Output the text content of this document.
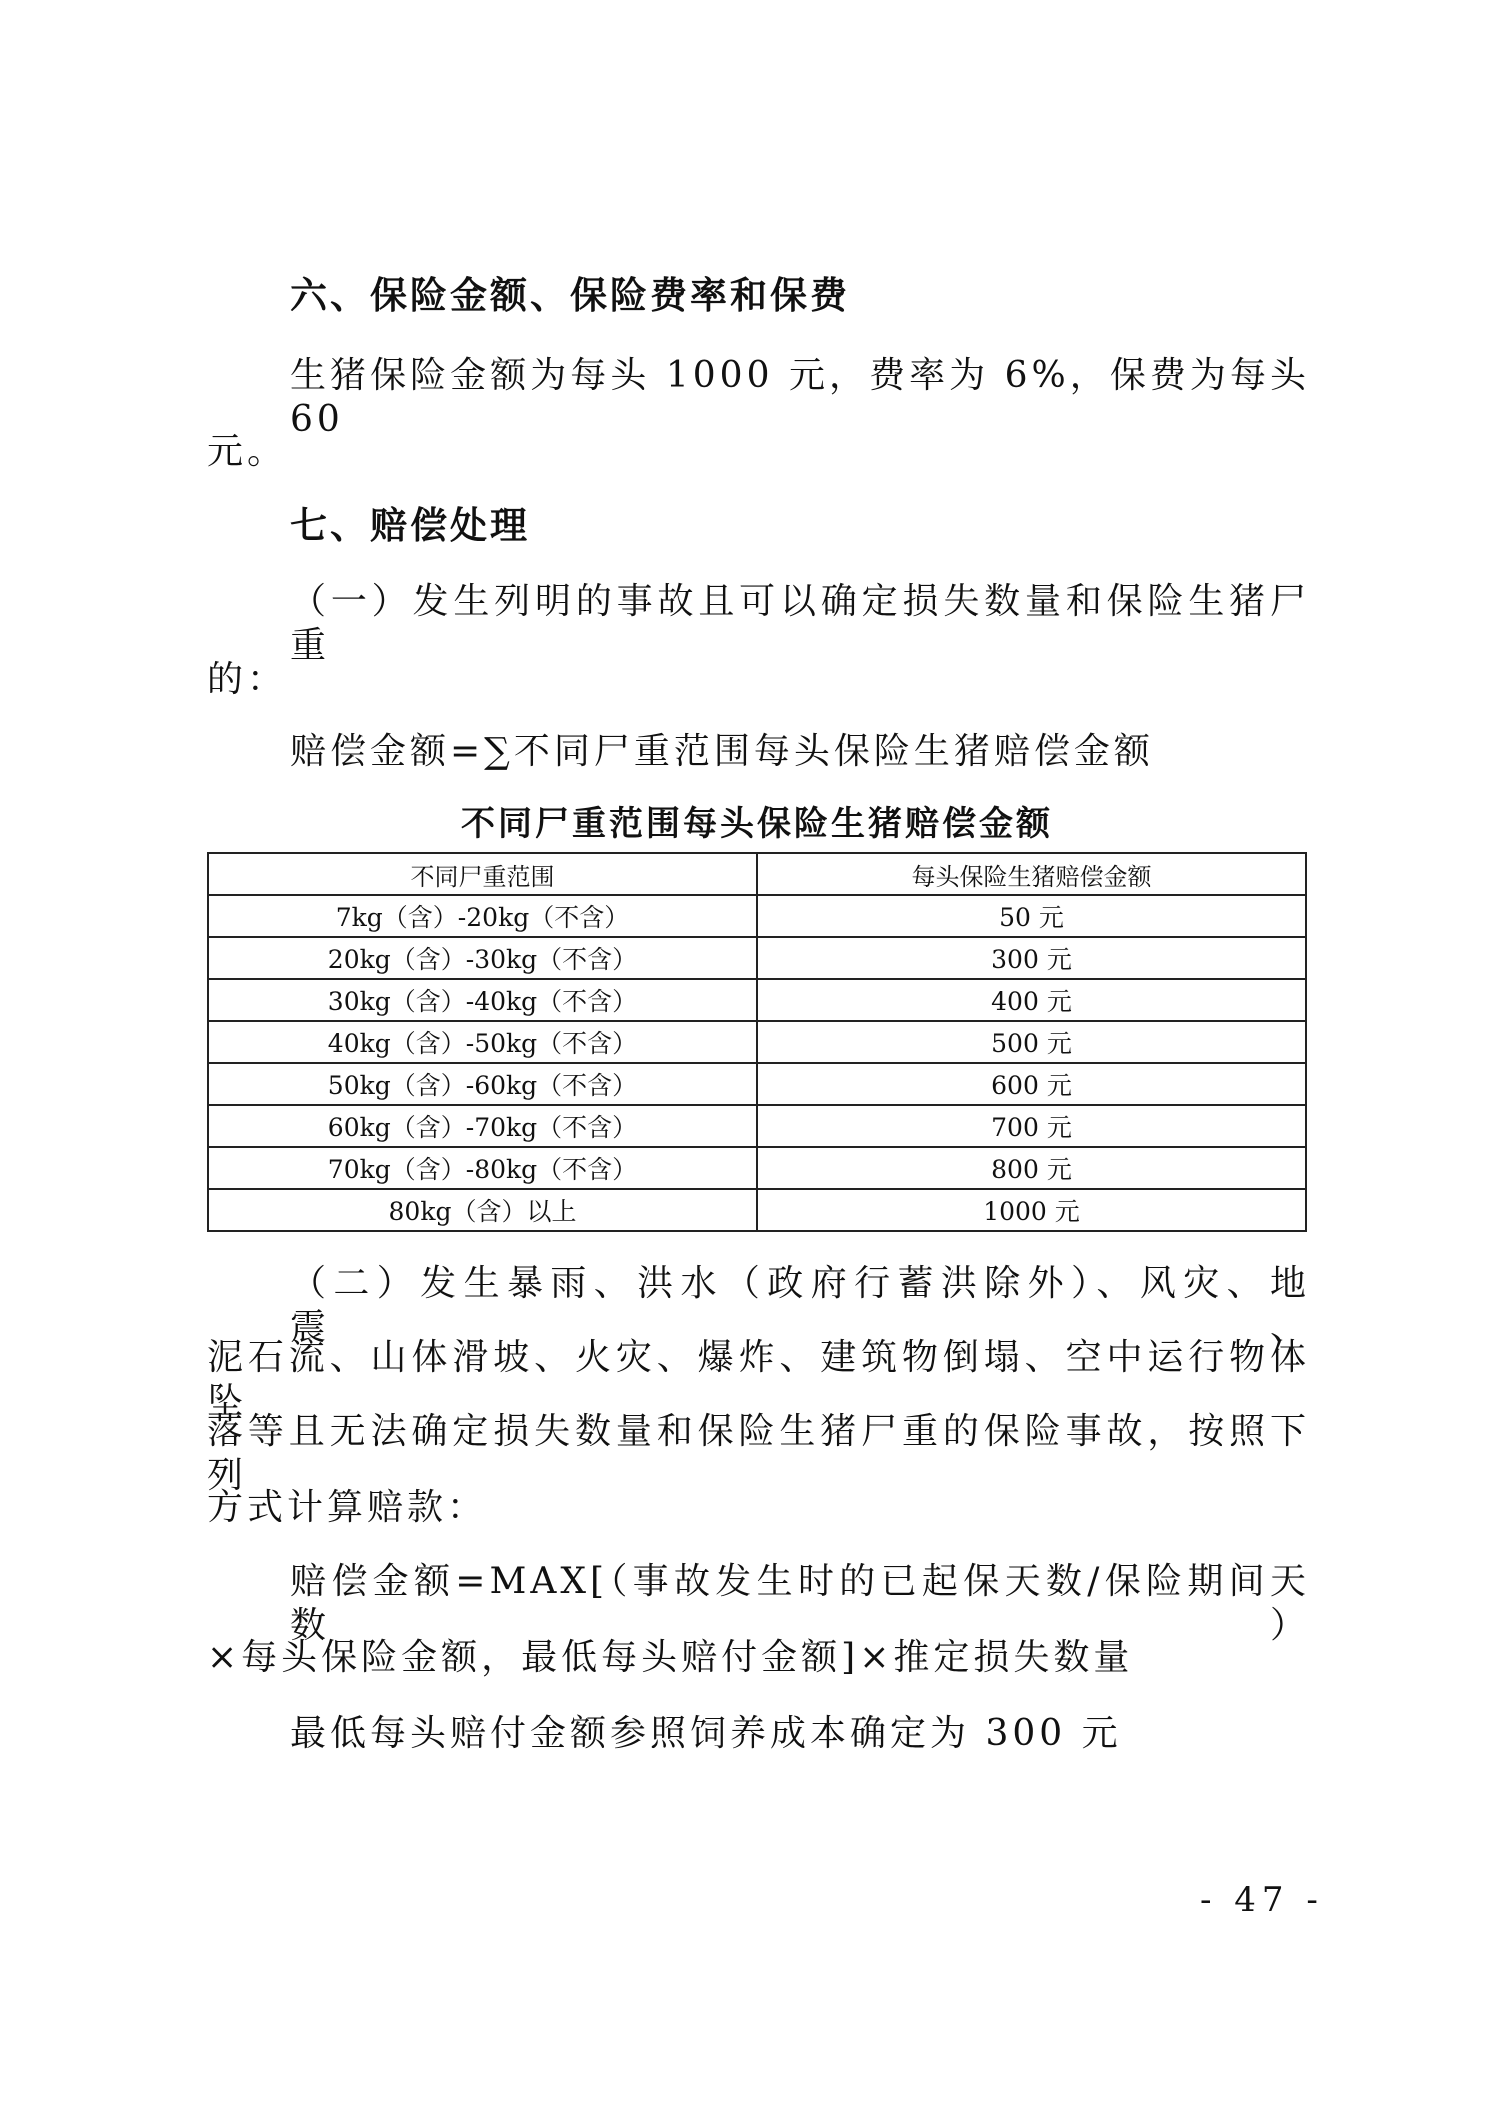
六、保险金额、保险费率和保费
生猪保险金额为每头 1000 元，费率为 6%，保费为每头 60
元。
七、赔偿处理
（一）发生列明的事故且可以确定损失数量和保险生猪尸重
的：
赔偿金额=∑不同尸重范围每头保险生猪赔偿金额
不同尸重范围每头保险生猪赔偿金额
不同尸重范围	每头保险生猪赔偿金额
7kg（含）-20kg（不含）	50 元
20kg（含）-30kg（不含）	300 元
30kg（含）-40kg（不含）	400 元
40kg（含）-50kg（不含）	500 元
50kg（含）-60kg（不含）	600 元
60kg（含）-70kg（不含）	700 元
70kg（含）-80kg（不含）	800 元
80kg（含）以上	1000 元
（二）发生暴雨、洪水（政府行蓄洪除外）、风灾、地震、
泥石流、山体滑坡、火灾、爆炸、建筑物倒塌、空中运行物体坠
落等且无法确定损失数量和保险生猪尸重的保险事故，按照下列
方式计算赔款：
赔偿金额=MAX[（事故发生时的已起保天数/保险期间天数）
×每头保险金额，最低每头赔付金额]×推定损失数量
最低每头赔付金额参照饲养成本确定为 300 元
- 47 -
